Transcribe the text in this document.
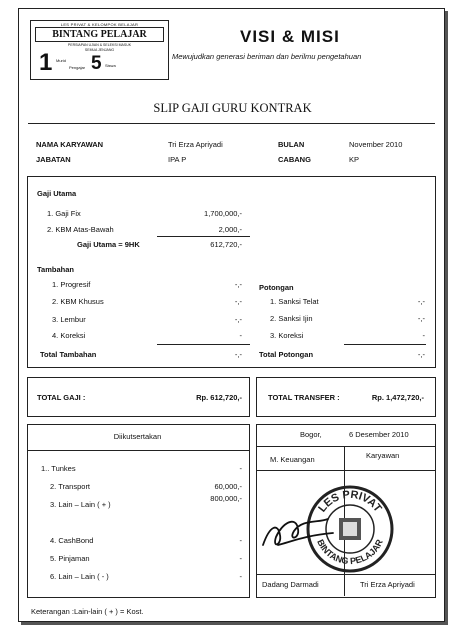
LES PRIVAT & KELOMPOK BELAJAR
BINTANG PELAJAR
PERSIAPAN UJIAN & SELEKSI MASUK
SEMUA JENJANG
1 Murid
Pengajar 5 Siswa
VISI & MISI
Mewujudkan generasi beriman dan berilmu pengetahuan
SLIP GAJI GURU KONTRAK
NAMA KARYAWAN	Tri Erza Apriyadi	BULAN	November 2010
JABATAN	IPA P	CABANG	KP
Gaji Utama
1. Gaji Fix	1,700,000,-
2. KBM Atas-Bawah	2,000,-
Gaji Utama = 9HK	612,720,-
Tambahan
1. Progresif	-,-
2. KBM Khusus	-,-
3. Lembur	-,-
4. Koreksi	-
Total Tambahan	-,-
Potongan
1. Sanksi Telat	-,-
2. Sanksi Ijin	-,-
3. Koreksi	-
Total Potongan	-,-
TOTAL GAJI :	Rp. 612,720,-	TOTAL TRANSFER :	Rp. 1,472,720,-
Diikutsertakan
1.. Tunkes	-
2. Transport	60,000,-
3. Lain – Lain ( + )
800,000,-
4. CashBond	-
5. Pinjaman	-
6. Lain – Lain ( - )	-
Bogor,	6 Desember 2010
M. Keuangan	Karyawan
Dadang Darmadi	Tri Erza Apriyadi
LES PRIVAT
BINTANG PELAJAR
Keterangan :Lain-lain ( + ) = Kost.
